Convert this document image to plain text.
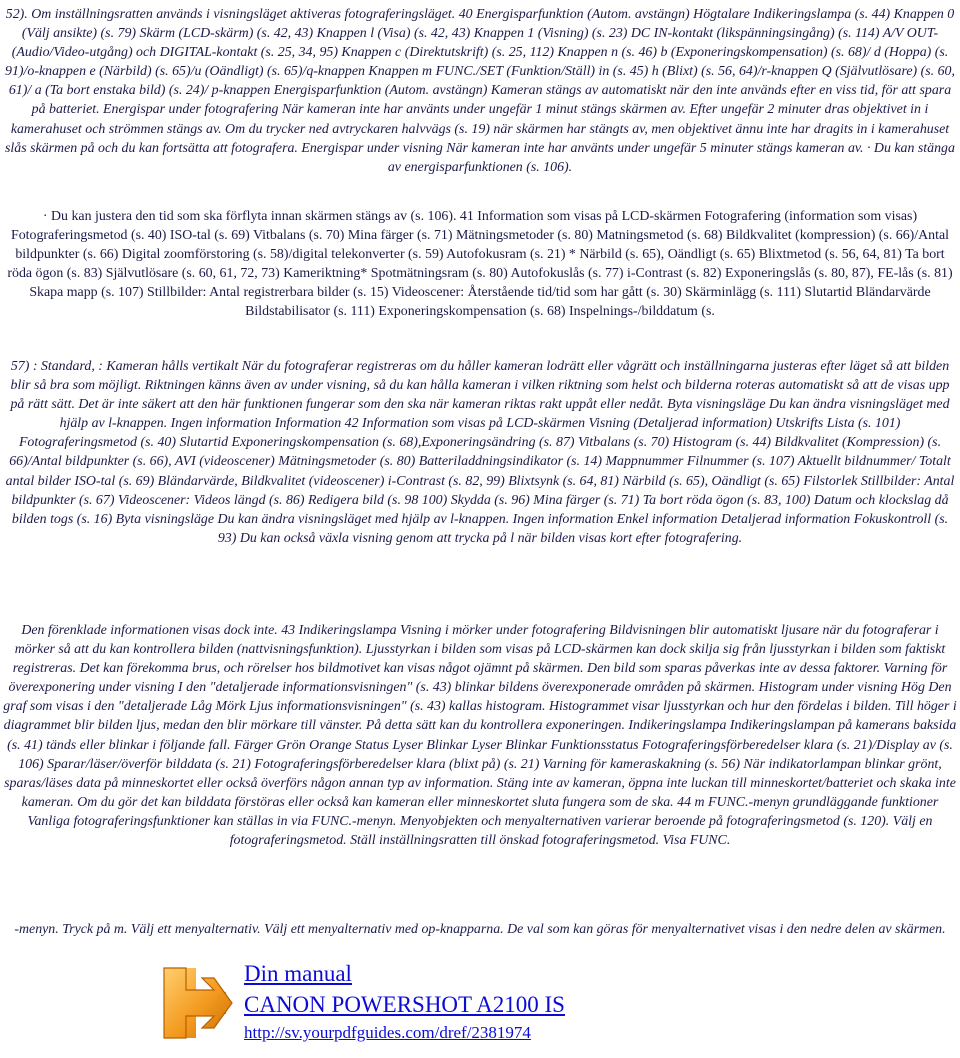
52). Om inställningsratten används i visningsläget aktiveras fotograferingsläget. 40 Energisparfunktion (Autom. avstängn) Högtalare Indikeringslampa (s. 44) Knappen 0 (Välj ansikte) (s. 79) Skärm (LCD-skärm) (s. 42, 43) Knappen l (Visa) (s. 42, 43) Knappen 1 (Visning) (s. 23) DC IN-kontakt (likspänningsingång) (s. 114) A/V OUT- (Audio/Video-utgång) och DIGITAL-kontakt (s. 25, 34, 95) Knappen c (Direktutskrift) (s. 25, 112) Knappen n (s. 46) b (Exponeringskompensation) (s. 68)/ d (Hoppa) (s. 91)/o-knappen e (Närbild) (s. 65)/u (Oändligt) (s. 65)/q-knappen Knappen m FUNC./SET (Funktion/Ställ) in (s. 45) h (Blixt) (s. 56, 64)/r-knappen Q (Självutlösare) (s. 60, 61)/ a (Ta bort enstaka bild) (s. 24)/ p-knappen Energisparfunktion (Autom. avstängn) Kameran stängs av automatiskt när den inte används efter en viss tid, för att spara på batteriet. Energispar under fotografering När kameran inte har använts under ungefär 1 minut stängs skärmen av. Efter ungefär 2 minuter dras objektivet in i kamerahuset och strömmen stängs av. Om du trycker ned avtryckaren halvvägs (s. 19) när skärmen har stängts av, men objektivet ännu inte har dragits in i kamerahuset slås skärmen på och du kan fortsätta att fotografera. Energispar under visning När kameran inte har använts under ungefär 5 minuter stängs kameran av. · Du kan stänga av energisparfunktionen (s. 106).
· Du kan justera den tid som ska förflyta innan skärmen stängs av (s. 106). 41 Information som visas på LCD-skärmen Fotografering (information som visas) Fotograferingsmetod (s. 40) ISO-tal (s. 69) Vitbalans (s. 70) Mina färger (s. 71) Mätningsmetoder (s. 80) Matningsmetod (s. 68) Bildkvalitet (kompression) (s. 66)/Antal bildpunkter (s. 66) Digital zoomförstoring (s. 58)/digital telekonverter (s. 59) Autofokusram (s. 21) * Närbild (s. 65), Oändligt (s. 65) Blixtmetod (s. 56, 64, 81) Ta bort röda ögon (s. 83) Självutlösare (s. 60, 61, 72, 73) Kameriktning* Spotmätningsram (s. 80) Autofokuslås (s. 77) i-Contrast (s. 82) Exponeringslås (s. 80, 87), FE-lås (s. 81) Skapa mapp (s. 107) Stillbilder: Antal registrerbara bilder (s. 15) Videoscener: Återstående tid/tid som har gått (s. 30) Skärminlägg (s. 111) Slutartid Bländarvärde Bildstabilisator (s. 111) Exponeringskompensation (s. 68) Inspelnings-/bilddatum (s.
57) : Standard, : Kameran hålls vertikalt När du fotograferar registreras om du håller kameran lodrätt eller vågrätt och inställningarna justeras efter läget så att bilden blir så bra som möjligt. Riktningen känns även av under visning, så du kan hålla kameran i vilken riktning som helst och bilderna roteras automatiskt så att de visas upp på rätt sätt. Det är inte säkert att den här funktionen fungerar som den ska när kameran riktas rakt uppåt eller nedåt. Byta visningsläge Du kan ändra visningsläget med hjälp av l-knappen. Ingen information Information 42 Information som visas på LCD-skärmen Visning (Detaljerad information) Utskrifts Lista (s. 101) Fotograferingsmetod (s. 40) Slutartid Exponeringskompensation (s. 68),Exponeringsändring (s. 87) Vitbalans (s. 70) Histogram (s. 44) Bildkvalitet (Kompression) (s. 66)/Antal bildpunkter (s. 66), AVI (videoscener) Mätningsmetoder (s. 80) Batteriladdningsindikator (s. 14) Mappnummer Filnummer (s. 107) Aktuellt bildnummer/ Totalt antal bilder ISO-tal (s. 69) Bländarvärde, Bildkvalitet (videoscener) i-Contrast (s. 82, 99) Blixtsynk (s. 64, 81) Närbild (s. 65), Oändligt (s. 65) Filstorlek Stillbilder: Antal bildpunkter (s. 67) Videoscener: Videos längd (s. 86) Redigera bild (s. 98 100) Skydda (s. 96) Mina färger (s. 71) Ta bort röda ögon (s. 83, 100) Datum och klockslag då bilden togs (s. 16) Byta visningsläge Du kan ändra visningsläget med hjälp av l-knappen. Ingen information Enkel information Detaljerad information Fokuskontroll (s. 93) Du kan också växla visning genom att trycka på l när bilden visas kort efter fotografering.
Den förenklade informationen visas dock inte. 43 Indikeringslampa Visning i mörker under fotografering Bildvisningen blir automatiskt ljusare när du fotograferar i mörker så att du kan kontrollera bilden (nattvisningsfunktion). Ljusstyrkan i bilden som visas på LCD-skärmen kan dock skilja sig från ljusstyrkan i bilden som faktiskt registreras. Det kan förekomma brus, och rörelser hos bildmotivet kan visas något ojämnt på skärmen. Den bild som sparas påverkas inte av dessa faktorer. Varning för överexponering under visning I den "detaljerade informationsvisningen" (s. 43) blinkar bildens överexponerade områden på skärmen. Histogram under visning Hög Den graf som visas i den "detaljerade Låg Mörk Ljus informationsvisningen" (s. 43) kallas histogram. Histogrammet visar ljusstyrkan och hur den fördelas i bilden. Till höger i diagrammet blir bilden ljus, medan den blir mörkare till vänster. På detta sätt kan du kontrollera exponeringen. Indikeringslampa Indikeringslampan på kamerans baksida (s. 41) tänds eller blinkar i följande fall. Färger Grön Orange Status Lyser Blinkar Lyser Blinkar Funktionsstatus Fotograferingsförberedelser klara (s. 21)/Display av (s. 106) Sparar/läser/överför bilddata (s. 21) Fotograferingsförberedelser klara (blixt på) (s. 21) Varning för kameraskakning (s. 56) När indikatorlampan blinkar grönt, sparas/läses data på minneskortet eller också överförs någon annan typ av information. Stäng inte av kameran, öppna inte luckan till minneskortet/batteriet och skaka inte kameran. Om du gör det kan bilddata förstöras eller också kan kameran eller minneskortet sluta fungera som de ska. 44 m FUNC.-menyn grundläggande funktioner Vanliga fotograferingsfunktioner kan ställas in via FUNC.-menyn. Menyobjekten och menyalternativen varierar beroende på fotograferingsmetod (s. 120). Välj en fotograferingsmetod. Ställ inställningsratten till önskad fotograferingsmetod. Visa FUNC.
-menyn. Tryck på m. Välj ett menyalternativ. Välj ett menyalternativ med op-knapparna. De val som kan göras för menyalternativet visas i den nedre delen av skärmen.
Din manual
CANON POWERSHOT A2100 IS
http://sv.yourpdfguides.com/dref/2381974
